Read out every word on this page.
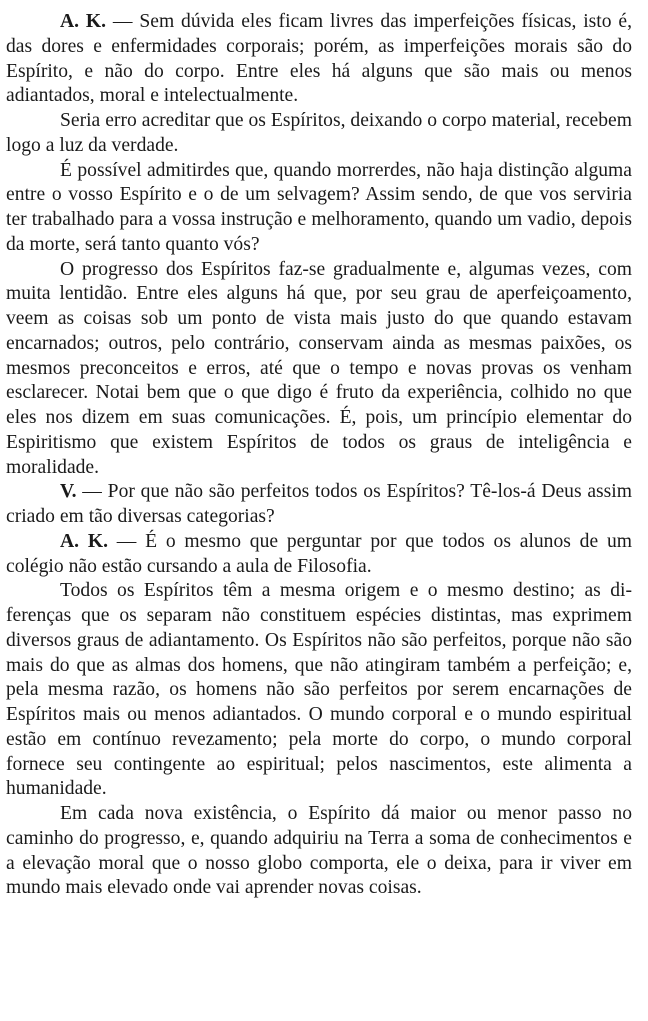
A. K. — Sem dúvida eles ficam livres das imperfeições físicas, isto é, das dores e enfermidades corporais; porém, as imperfeições morais são do Espírito, e não do corpo. Entre eles há alguns que são mais ou menos adiantados, moral e intelectualmente.

Seria erro acreditar que os Espíritos, deixando o corpo material, recebem logo a luz da verdade.

É possível admitirdes que, quando morrerdes, não haja distinção alguma entre o vosso Espírito e o de um selvagem? Assim sendo, de que vos serviria ter trabalhado para a vossa instrução e melhoramento, quando um vadio, depois da morte, será tanto quanto vós?

O progresso dos Espíritos faz-se gradualmente e, algumas vezes, com muita lentidão. Entre eles alguns há que, por seu grau de aperfeiçoamento, veem as coisas sob um ponto de vista mais justo do que quando estavam encarnados; outros, pelo contrário, conservam ainda as mesmas paixões, os mesmos preconceitos e erros, até que o tempo e novas provas os venham esclarecer. Notai bem que o que digo é fruto da experiência, colhido no que eles nos dizem em suas comunicações. É, pois, um princípio elementar do Espiritismo que existem Espíritos de todos os graus de inteligência e moralidade.

V. — Por que não são perfeitos todos os Espíritos? Tê-los-á Deus assim criado em tão diversas categorias?

A. K. — É o mesmo que perguntar por que todos os alunos de um colégio não estão cursando a aula de Filosofia.

Todos os Espíritos têm a mesma origem e o mesmo destino; as diferenças que os separam não constituem espécies distintas, mas exprimem diversos graus de adiantamento. Os Espíritos não são perfeitos, porque não são mais do que as almas dos homens, que não atingiram também a perfeição; e, pela mesma razão, os homens não são perfeitos por serem encarnações de Espíritos mais ou menos adiantados. O mundo corporal e o mundo espiritual estão em contínuo revezamento; pela morte do corpo, o mundo corporal fornece seu contingente ao espiritual; pelos nascimentos, este alimenta a humanidade.

Em cada nova existência, o Espírito dá maior ou menor passo no caminho do progresso, e, quando adquiriu na Terra a soma de conhecimentos e a elevação moral que o nosso globo comporta, ele o deixa, para ir viver em mundo mais elevado onde vai aprender novas coisas.
